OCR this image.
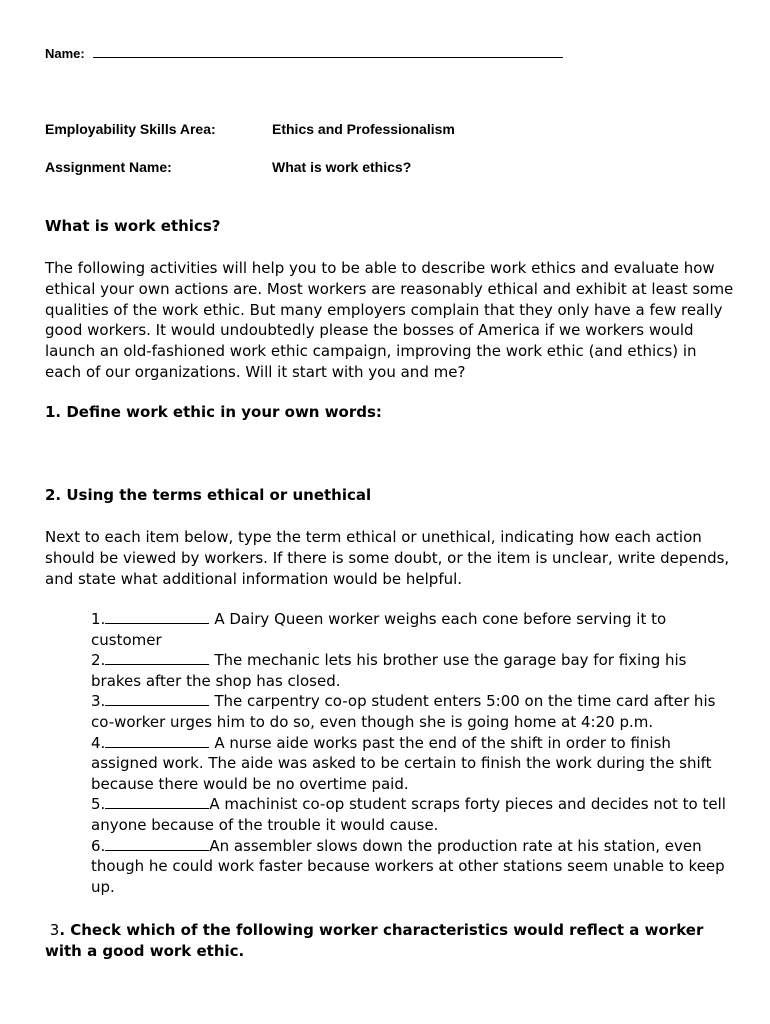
Name:
Employability Skills Area:	Ethics and Professionalism
Assignment Name:	What is work ethics?
What is work ethics?

The following activities will help you to be able to describe work ethics and evaluate how ethical your own actions are. Most workers are reasonably ethical and exhibit at least some qualities of the work ethic. But many employers complain that they only have a few really good workers. It would undoubtedly please the bosses of America if we workers would launch an old-fashioned work ethic campaign, improving the work ethic (and ethics) in each of our organizations. Will it start with you and me?

1. Define work ethic in your own words:
2. Using the terms ethical or unethical

Next to each item below, type the term ethical or unethical, indicating how each action should be viewed by workers. If there is some doubt, or the item is unclear, write depends, and state what additional information would be helpful.

1.	A Dairy Queen worker weighs each cone before serving it to customer
2.	The mechanic lets his brother use the garage bay for fixing his brakes after the shop has closed.
3.	The carpentry co-op student enters 5:00 on the time card after his co-worker urges him to do so, even though she is going home at 4:20 p.m.
4.	A nurse aide works past the end of the shift in order to finish assigned work. The aide was asked to be certain to finish the work during the shift because there would be no overtime paid.
5.	A machinist co-op student scraps forty pieces and decides not to tell anyone because of the trouble it would cause.
6.	An assembler slows down the production rate at his station, even though he could work faster because workers at other stations seem unable to keep up.

3. Check which of the following worker characteristics would reflect a worker with a good work ethic.
